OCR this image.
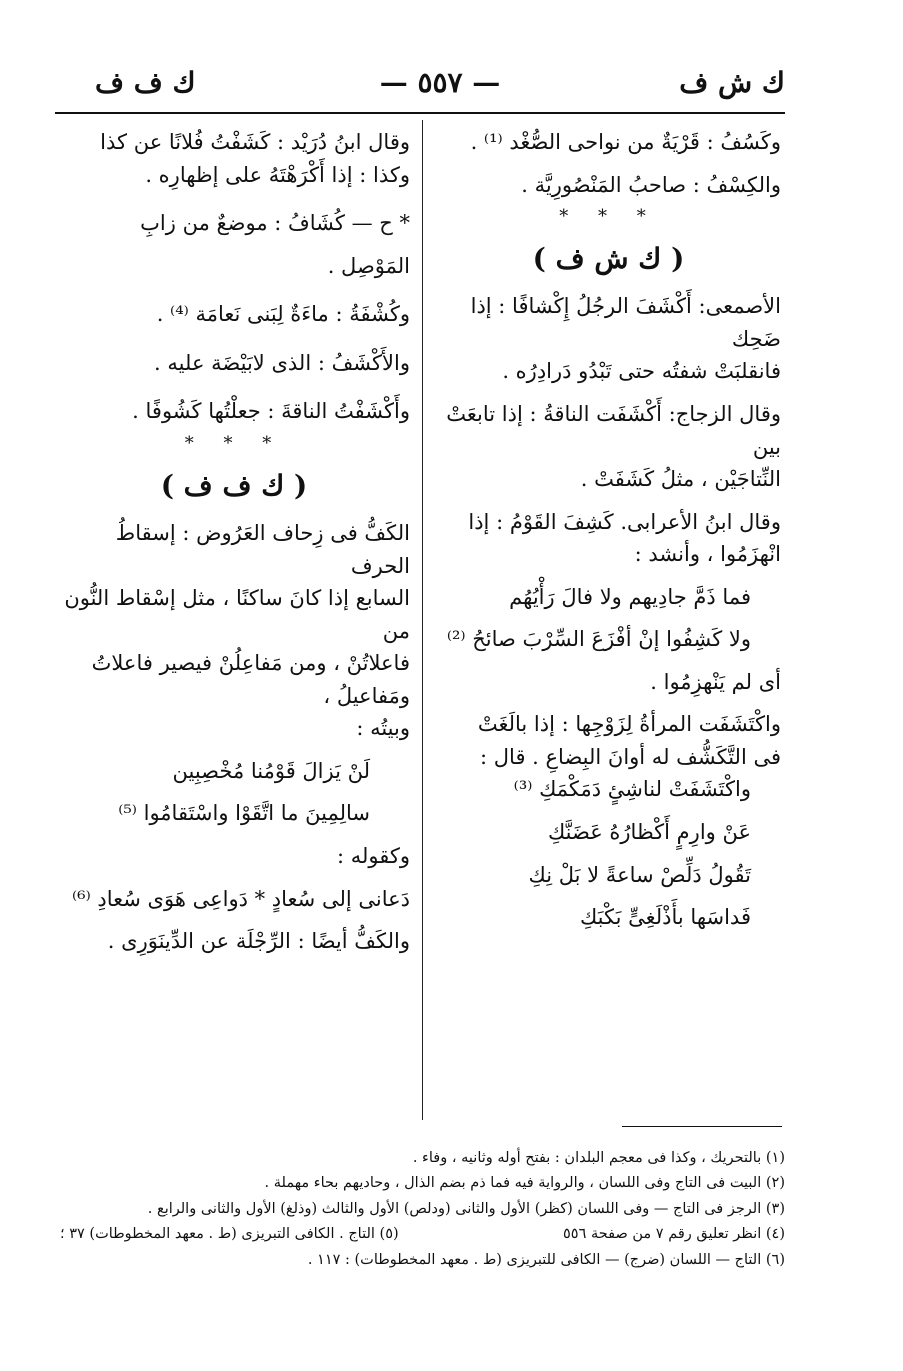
ك ش ف
— ٥٥٧ —
ك ف ف

وكَسُفُ : قَرْيَةٌ من نواحى الصُّغْد ⁽¹⁾ .

والكِسْفُ : صاحبُ المَنْصُورِيَّة .

* * *
( ك ش ف )

الأصمعى: أَكْشَفَ الرجُلُ إِكْشافًا : إذا ضَحِك

فانقلبَتْ شفتُه حتى تَبْدُو دَرادِرُه .

وقال الزجاج: أَكْشَفَت الناقةُ : إذا تابعَتْ بين

النِّتاجَيْن ، مثلُ كَشَفَتْ .

وقال ابنُ الأعرابى. كَشِفَ القَوْمُ : إذا

انْهزَمُوا ، وأنشد :

فما ذَمَّ جادِيهم ولا فالَ رَأْيُهُم

ولا كَشِفُوا إنْ أفْزَعَ السِّرْبَ صائحُ ⁽²⁾

أى لم يَنْهزِمُوا .

واكْتَشَفَت المرأةُ لِزَوْجِها : إذا بالَغَتْ

فى التَّكَشُّف له أوانَ البِضاعِ . قال :

واكْتَشَفَتْ لناشِئٍ دَمَكْمَكِ ⁽³⁾

عَنْ وارِمٍ أَكْظارُهُ عَضَنَّكِ

تَقُولُ دَلِّصْ ساعةً لا بَلْ نِكِ

فَداسَها بأَذْلَغِىٍّ بَكْبَكِ

وقال ابنُ دُرَيْد : كَشَفْتُ فُلانًا عن كذا

وكذا : إذا أَكْرَهْتَهُ على إظهارِه .

* ح — كُشَافُ : موضعٌ من زابِ

المَوْصِل .

وكُشْفَةُ : ماءَةٌ لِبَنى نَعامَة ⁽⁴⁾ .

والأَكْشَفُ : الذى لابَيْضَة عليه .

وأَكْشَفْتُ الناقةَ : جعلْتُها كَشُوفًا .

* * *
( ك ف ف )

الكَفُّ فى زِحاف العَرُوض : إسقاطُ الحرف

السابع إذا كانَ ساكنًا ، مثل إسْقاط النُّون من

فاعلاتُنْ ، ومن مَفاعِلُنْ فيصير فاعلاتُ ومَفاعيلُ ،

وبيتُه :

لَنْ يَزالَ قَوْمُنا مُخْصِبِين

سالِمِينَ ما اتَّقَوْا واسْتَقامُوا ⁽⁵⁾

وكقوله :

دَعانى إلى سُعادٍ * دَواعِى هَوَى سُعادِ ⁽⁶⁾

والكَفُّ أيضًا : الرِّجْلَة عن الدِّينَوَرِى .

(١) بالتحريك ، وكذا فى معجم البلدان : بفتح أوله وثانيه ، وفاء .

(٢) البيت فى التاج وفى اللسان ، والرواية فيه فما ذم بضم الذال ، وحاديهم بحاء مهملة .

(٣) الرجز فى التاج — وفى اللسان (كظر) الأول والثانى (ودلص) الأول والثالث (وذلغ) الأول والثانى والرابع .

(٤) انظر تعليق رقم ٧ من صفحة ٥٥٦
(٥) التاج . الكافى التبريزى (ط . معهد المخطوطات) ٣٧ ؛

(٦) التاج — اللسان (ضرج) — الكافى للتبريزى (ط . معهد المخطوطات) : ١١٧ .
